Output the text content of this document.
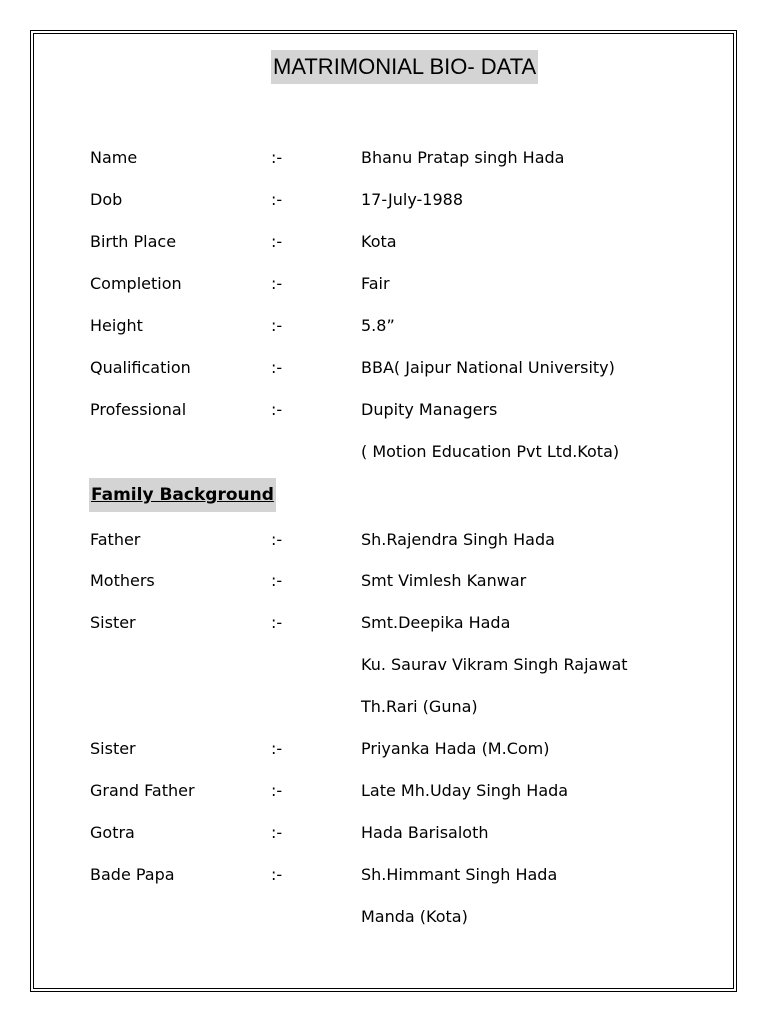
MATRIMONIAL BIO- DATA
Name	:-	Bhanu Pratap singh Hada
Dob	:-	17-July-1988
Birth Place	:-	Kota
Completion	:-	Fair
Height	:-	5.8”
Qualification	:-	BBA( Jaipur National University)
Professional	:-	Dupity Managers
( Motion Education Pvt Ltd.Kota)
Family Background
Father	:-	Sh.Rajendra Singh Hada
Mothers	:-	Smt Vimlesh Kanwar
Sister	:-	Smt.Deepika Hada
Ku. Saurav Vikram Singh Rajawat
Th.Rari (Guna)
Sister	:-	Priyanka Hada (M.Com)
Grand Father	:-	Late Mh.Uday Singh Hada
Gotra	:-	Hada Barisaloth
Bade Papa	:-	Sh.Himmant Singh Hada
Manda (Kota)
